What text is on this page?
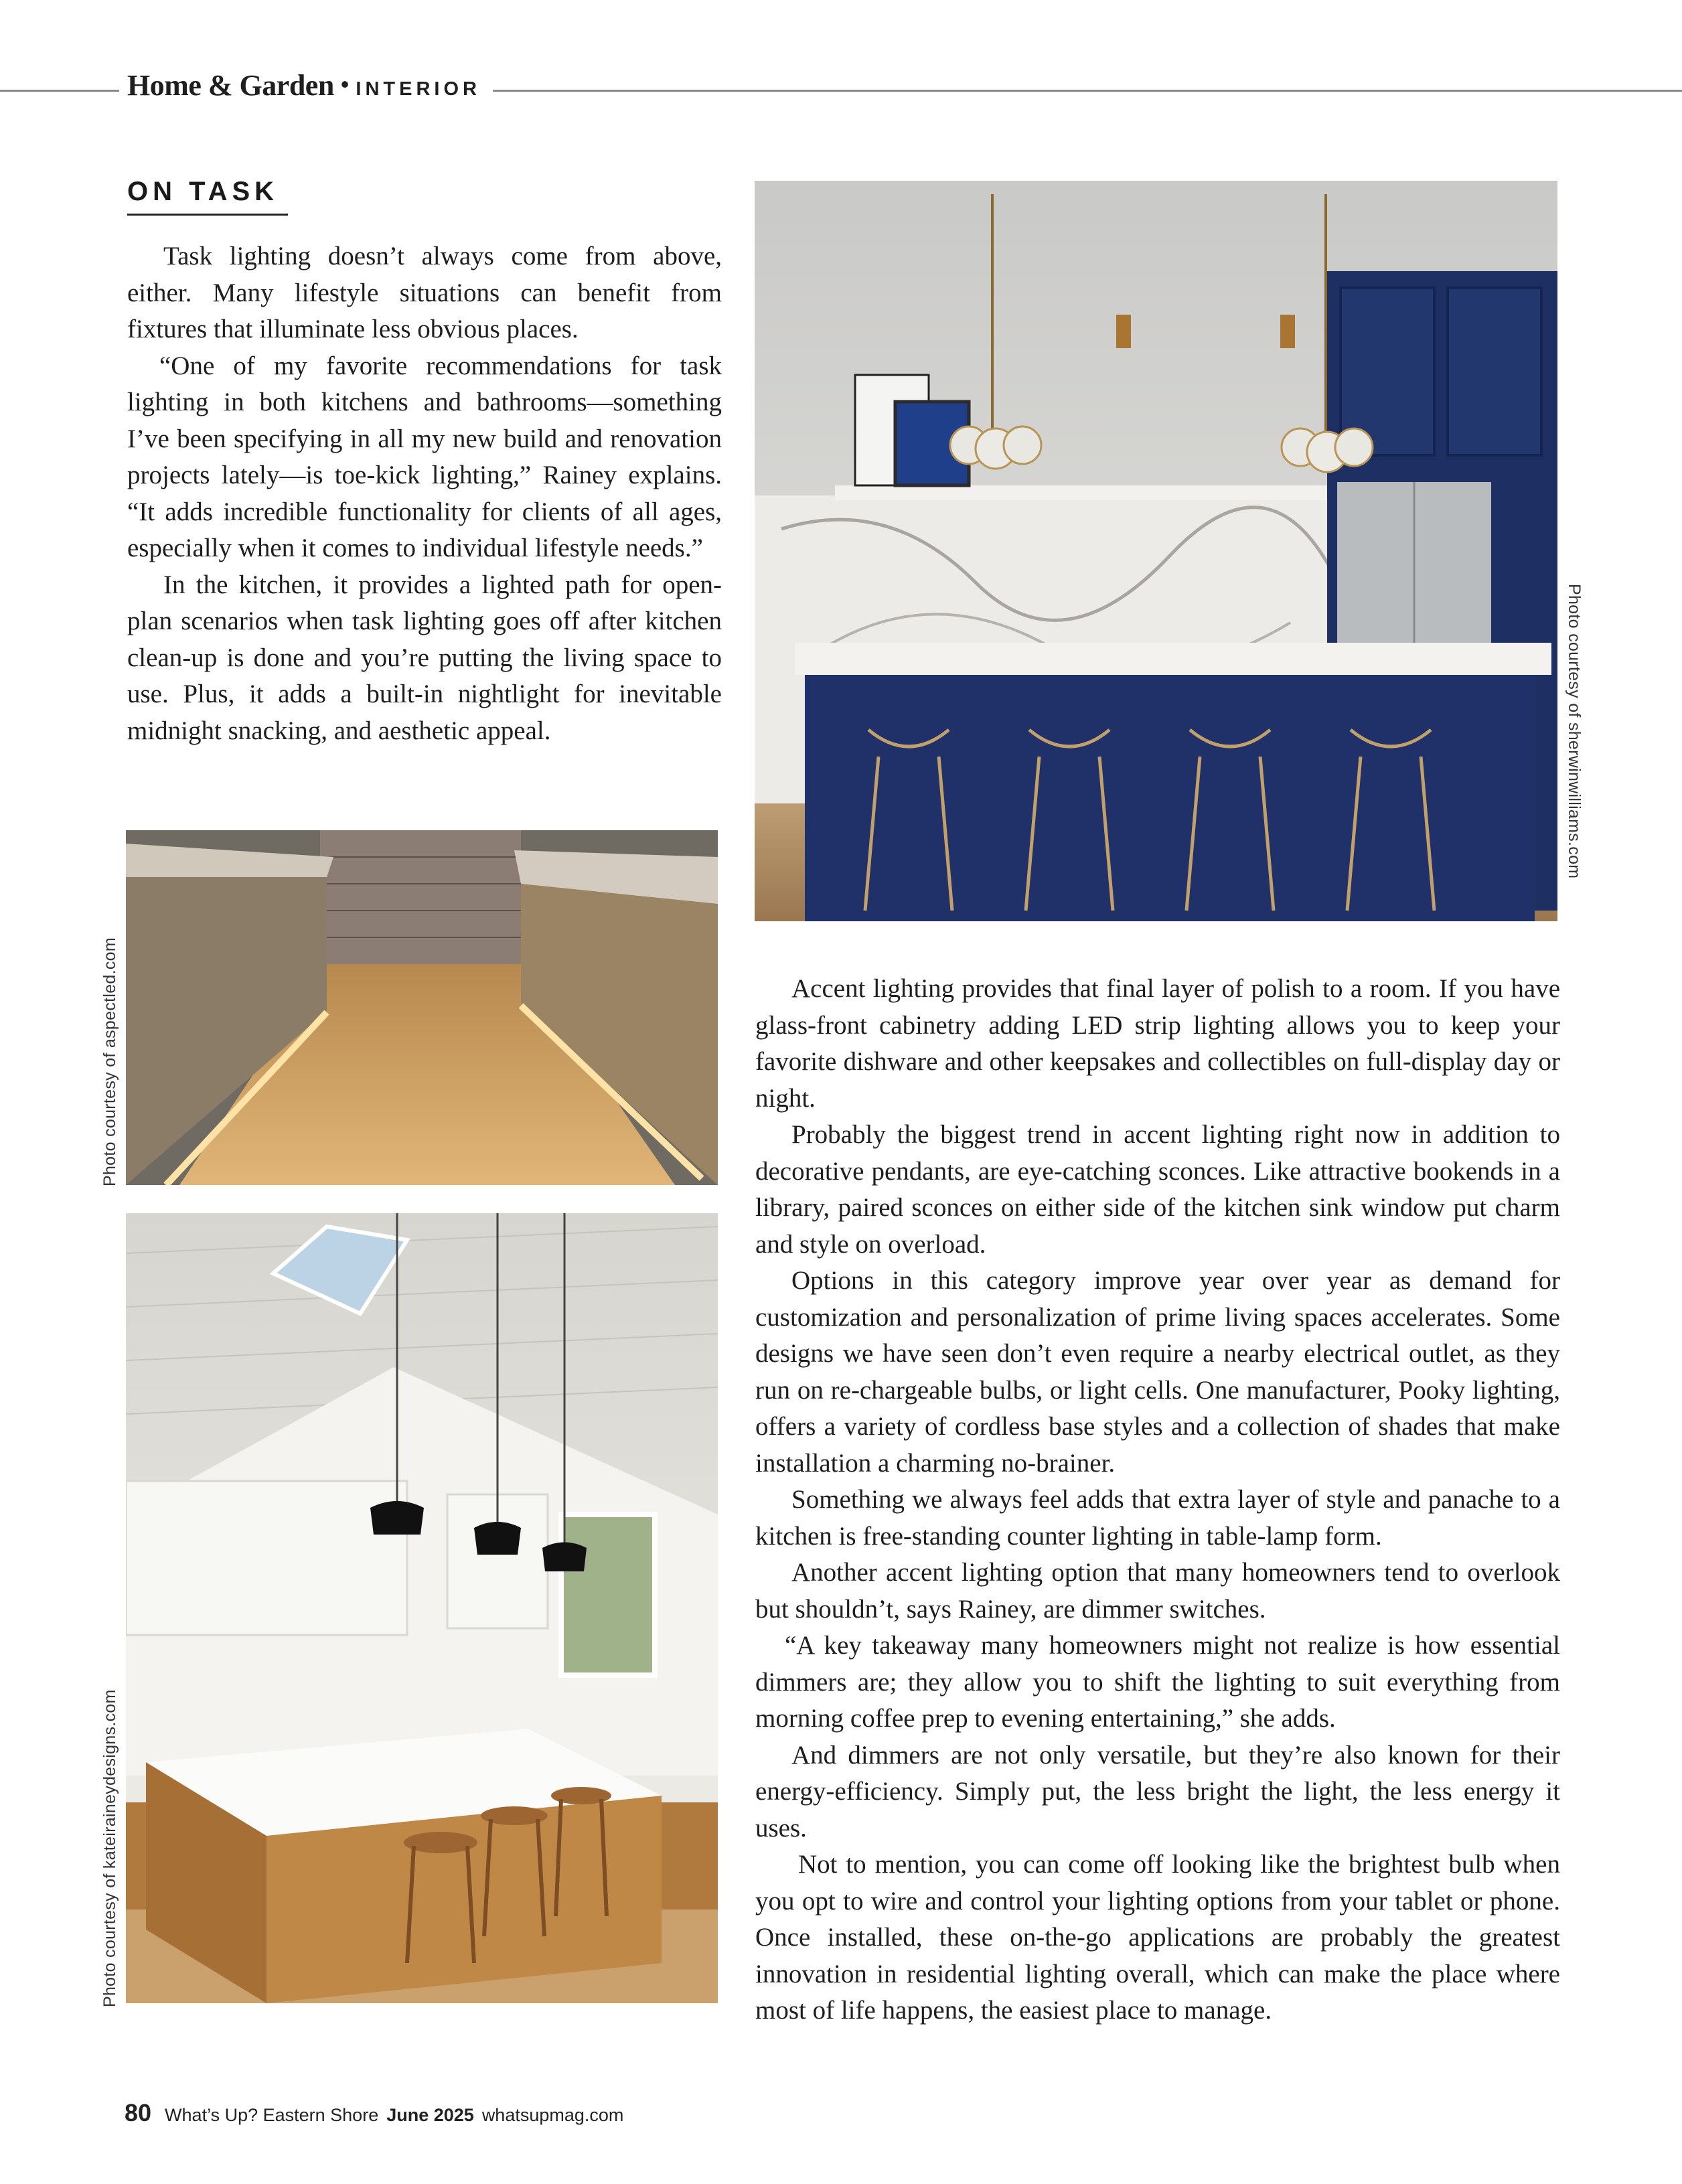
Home & Garden • INTERIOR
ON TASK

Task lighting doesn’t always come from above, either. Many lifestyle situations can benefit from fixtures that illuminate less obvious places.

“One of my favorite recommendations for task lighting in both kitchens and bathrooms—something I’ve been specifying in all my new build and renovation projects lately—is toe-kick lighting,” Rainey explains. “It adds incredible functionality for clients of all ages, especially when it comes to individual lifestyle needs.”

In the kitchen, it provides a lighted path for open-plan scenarios when task lighting goes off after kitchen clean-up is done and you’re putting the living space to use. Plus, it adds a built-in nightlight for inevitable midnight snacking, and aesthetic appeal.	Photo courtesy of sherwinwilliams.com
Photo courtesy of aspectled.com
Photo courtesy of kateiraineydesigns.com

Accent lighting provides that final layer of polish to a room. If you have glass-front cabinetry adding LED strip lighting allows you to keep your favorite dishware and other keepsakes and collectibles on full-display day or night.

Probably the biggest trend in accent lighting right now in addition to decorative pendants, are eye-catching sconces. Like attractive bookends in a library, paired sconces on either side of the kitchen sink window put charm and style on overload.

Options in this category improve year over year as demand for customization and personalization of prime living spaces accelerates. Some designs we have seen don’t even require a nearby electrical outlet, as they run on re-chargeable bulbs, or light cells. One manufacturer, Pooky lighting, offers a variety of cordless base styles and a collection of shades that make installation a charming no-brainer.

Something we always feel adds that extra layer of style and panache to a kitchen is free-standing counter lighting in table-lamp form.

Another accent lighting option that many homeowners tend to overlook but shouldn’t, says Rainey, are dimmer switches.

“A key takeaway many homeowners might not realize is how essential dimmers are; they allow you to shift the lighting to suit everything from morning coffee prep to evening entertaining,” she adds.

And dimmers are not only versatile, but they’re also known for their energy-efficiency. Simply put, the less bright the light, the less energy it uses.

Not to mention, you can come off looking like the brightest bulb when you opt to wire and control your lighting options from your tablet or phone. Once installed, these on-the-go applications are probably the greatest innovation in residential lighting overall, which can make the place where most of life happens, the easiest place to manage.

80 What’s Up? Eastern Shore June 2025 whatsupmag.com
